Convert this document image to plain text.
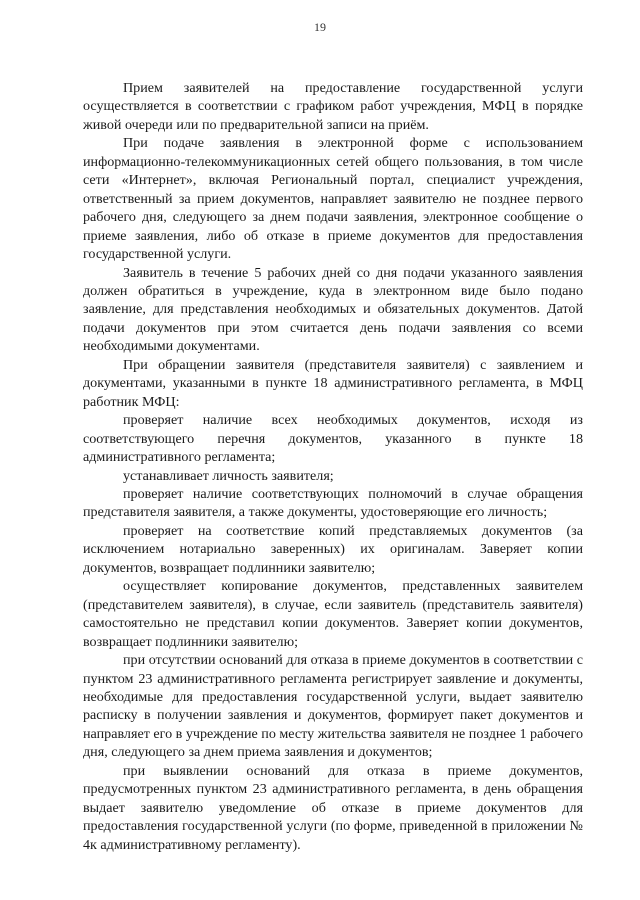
19

Прием заявителей на предоставление государственной услуги осуществляется в соответствии с графиком работ учреждения, МФЦ в порядке живой очереди или по предварительной записи на приём.

При подаче заявления в электронной форме с использованием информационно-телекоммуникационных сетей общего пользования, в том числе сети «Интернет», включая Региональный портал, специалист учреждения, ответственный за прием документов, направляет заявителю не позднее первого рабочего дня, следующего за днем подачи заявления, электронное сообщение о приеме заявления, либо об отказе в приеме документов для предоставления государственной услуги.

Заявитель в течение 5 рабочих дней со дня подачи указанного заявления должен обратиться в учреждение, куда в электронном виде было подано заявление, для представления необходимых и обязательных документов. Датой подачи документов при этом считается день подачи заявления со всеми необходимыми документами.

При обращении заявителя (представителя заявителя) с заявлением и документами, указанными в пункте 18 административного регламента, в МФЦ работник МФЦ:

проверяет наличие всех необходимых документов, исходя из соответствующего перечня документов, указанного в пункте 18 административного регламента;

устанавливает личность заявителя;

проверяет наличие соответствующих полномочий в случае обращения представителя заявителя, а также документы, удостоверяющие его личность;

проверяет на соответствие копий представляемых документов (за исключением нотариально заверенных) их оригиналам. Заверяет копии документов, возвращает подлинники заявителю;

осуществляет копирование документов, представленных заявителем (представителем заявителя), в случае, если заявитель (представитель заявителя) самостоятельно не представил копии документов. Заверяет копии документов, возвращает подлинники заявителю;

при отсутствии оснований для отказа в приеме документов в соответствии с пунктом 23 административного регламента регистрирует заявление и документы, необходимые для предоставления государственной услуги, выдает заявителю расписку в получении заявления и документов, формирует пакет документов и направляет его в учреждение по месту жительства заявителя не позднее 1 рабочего дня, следующего за днем приема заявления и документов;

при выявлении оснований для отказа в приеме документов, предусмотренных пунктом 23 административного регламента, в день обращения выдает заявителю уведомление об отказе в приеме документов для предоставления государственной услуги (по форме, приведенной в приложении № 4к административному регламенту).
